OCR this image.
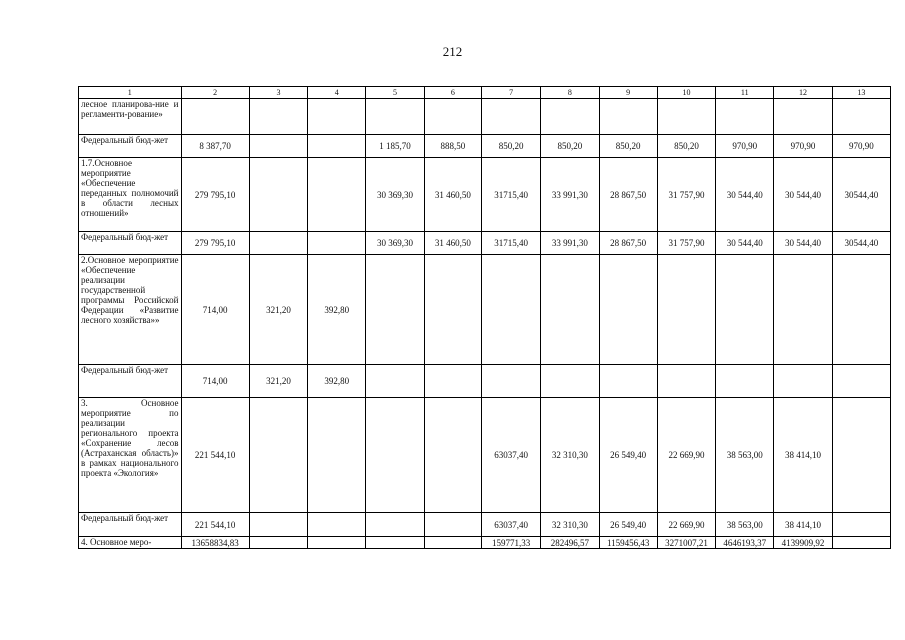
212
1	2	3	4	5	6	7	8	9	10	11	12	13
лесное планирова-ние и регламенти-рование»												
Федеральный бюд-жет	8 387,70			1 185,70	888,50	850,20	850,20	850,20	850,20	970,90	970,90	970,90
1.7.Основное мероприятие «Обеспечение переданных полномочий в области лесных отношений»	279 795,10			30 369,30	31 460,50	31715,40	33 991,30	28 867,50	31 757,90	30 544,40	30 544,40	30544,40
Федеральный бюд-жет	279 795,10			30 369,30	31 460,50	31715,40	33 991,30	28 867,50	31 757,90	30 544,40	30 544,40	30544,40
2.Основное мероприятие «Обеспечение реализации государственной программы Российской Федерации «Развитие лесного хозяйства»»	714,00	321,20	392,80									
Федеральный бюд-жет	714,00	321,20	392,80									
3. Основное мероприятие по реализации регионального проекта «Сохранение лесов (Астраханская область)» в рамках национального проекта «Экология»	221 544,10					63037,40	32 310,30	26 549,40	22 669,90	38 563,00	38 414,10	
Федеральный бюд-жет	221 544,10					63037,40	32 310,30	26 549,40	22 669,90	38 563,00	38 414,10	
4. Основное меро-	13658834,83					159771,33	282496,57	1159456,43	3271007,21	4646193,37	4139909,92	
